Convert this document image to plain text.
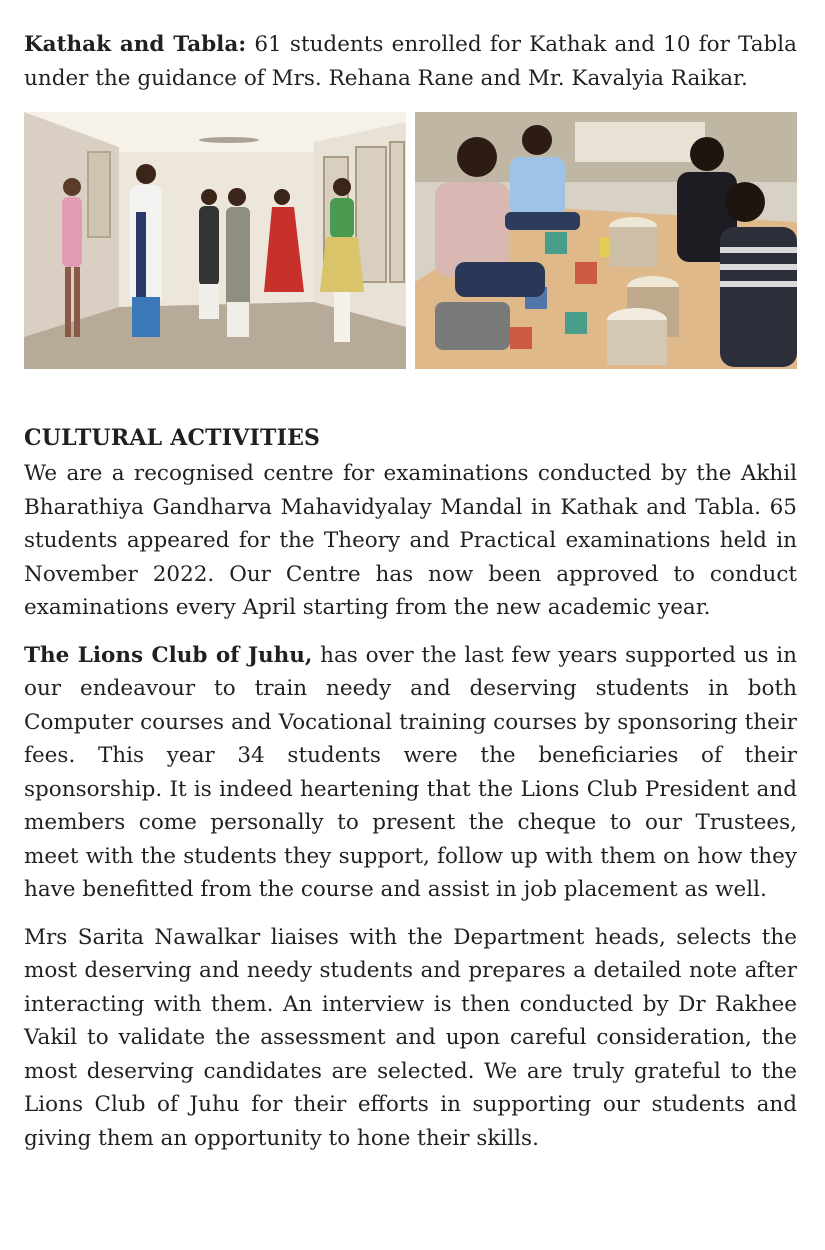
Kathak and Tabla: 61 students enrolled for Kathak and 10 for Tabla under the guidance of Mrs. Rehana Rane and Mr. Kavalyia Raikar.

CULTURAL ACTIVITIES

We are a recognised centre for examinations conducted by the Akhil Bharathiya Gandharva Mahavidyalay Mandal in Kathak and Tabla. 65 students appeared for the Theory and Practical examinations held in November 2022. Our Centre has now been approved to conduct examinations every April starting from the new academic year.

The Lions Club of Juhu, has over the last few years supported us in our endeavour to train needy and deserving students in both Computer courses and Vocational training courses by sponsoring their fees. This year 34 students were the beneficiaries of their sponsorship. It is indeed heartening that the Lions Club President and members come personally to present the cheque to our Trustees, meet with the students they support, follow up with them on how they have benefitted from the course and assist in job placement as well.

Mrs Sarita Nawalkar liaises with the Department heads, selects the most deserving and needy students and prepares a detailed note after interacting with them. An interview is then conducted by Dr Rakhee Vakil to validate the assessment and upon careful consideration, the most deserving candidates are selected. We are truly grateful to the Lions Club of Juhu for their efforts in supporting our students and giving them an opportunity to hone their skills.
